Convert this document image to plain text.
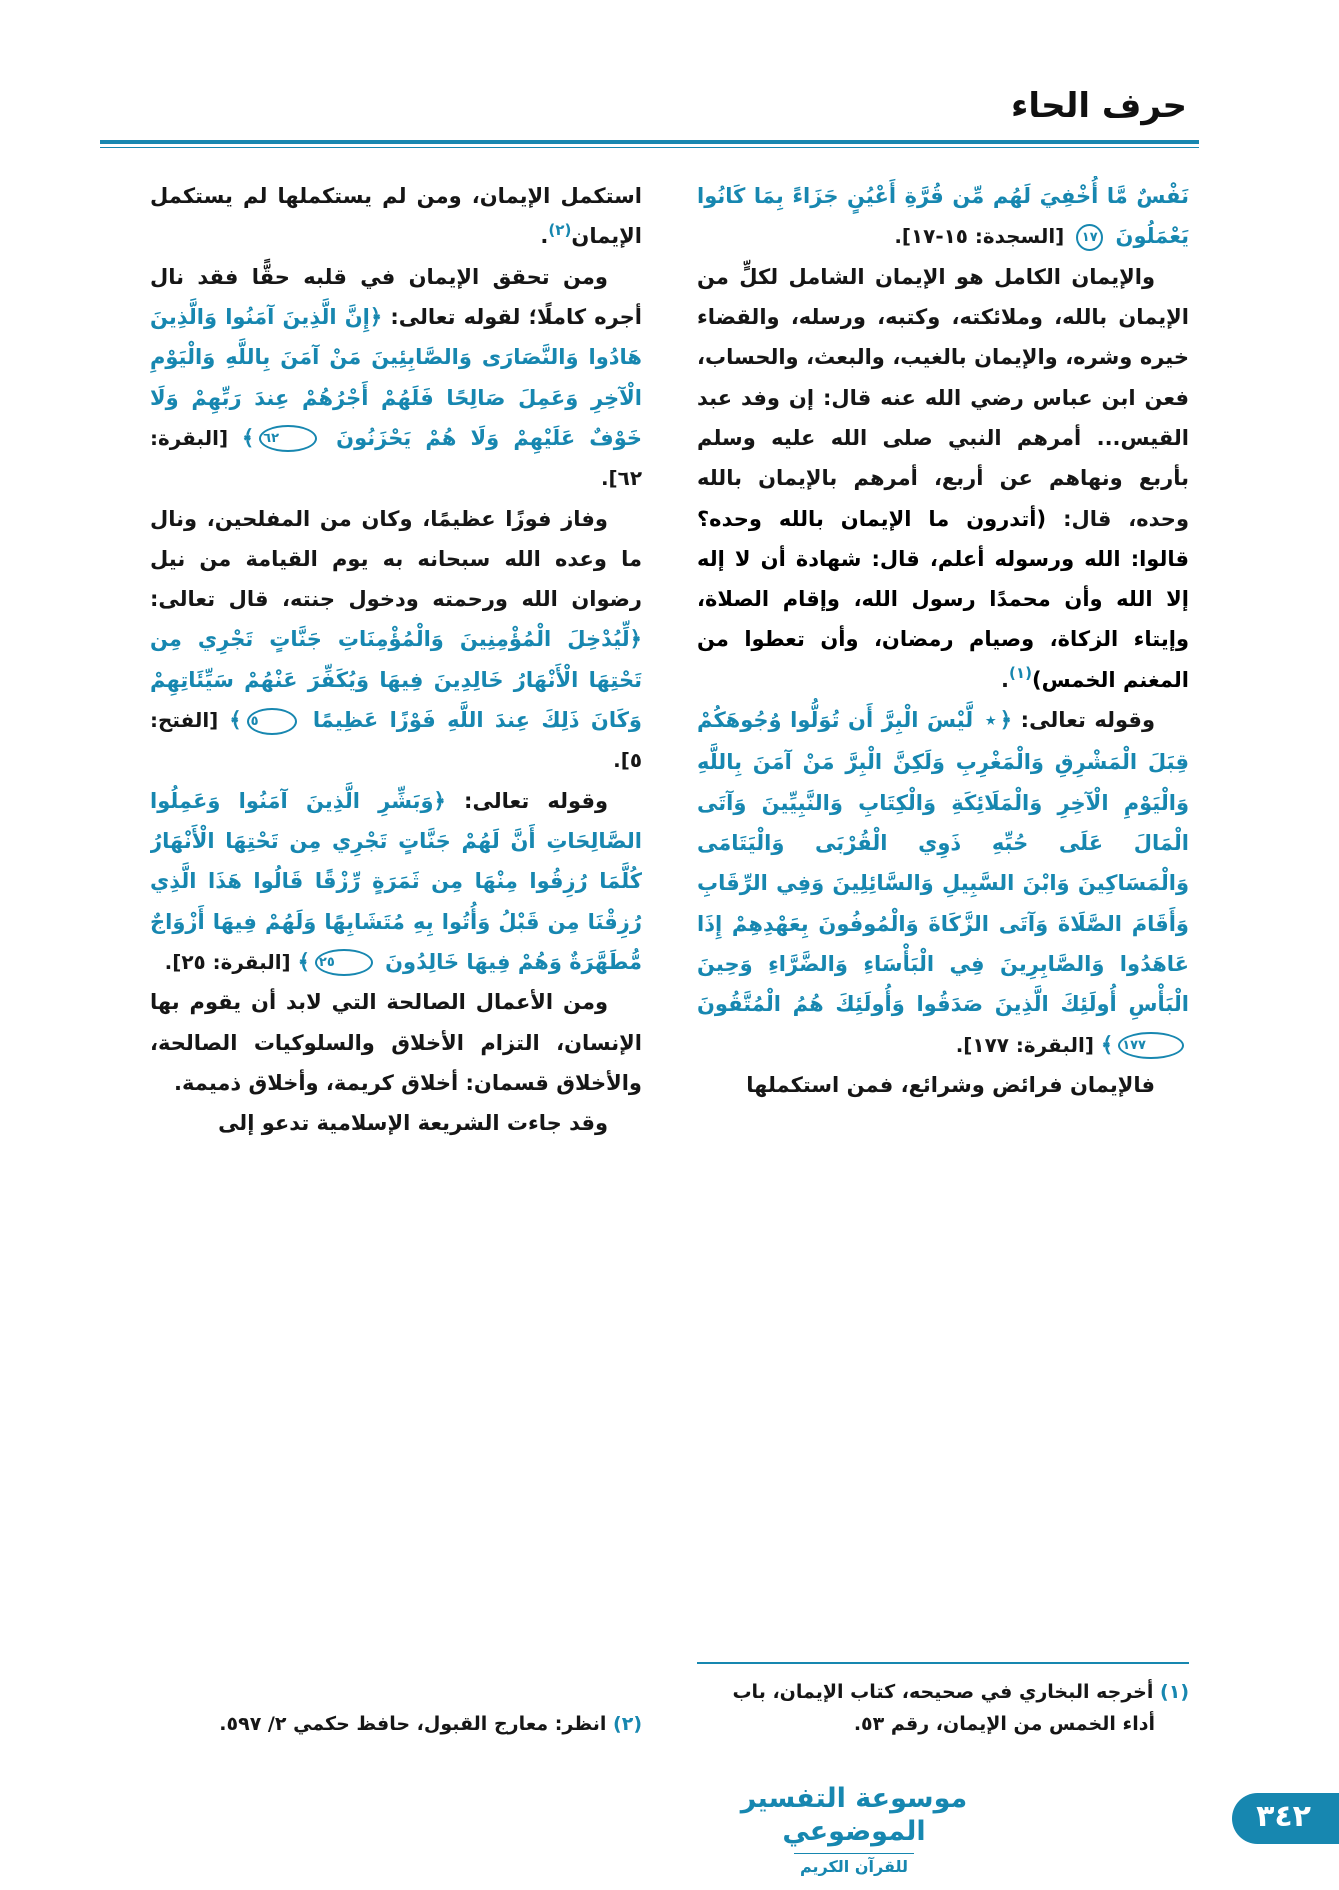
حرف الحاء

نَفْسٌ مَّا أُخْفِيَ لَهُم مِّن قُرَّةِ أَعْيُنٍ جَزَاءً بِمَا كَانُوا يَعْمَلُونَ ١٧ [السجدة: ١٥-١٧].

والإيمان الكامل هو الإيمان الشامل لكلٍّ من الإيمان بالله، وملائكته، وكتبه، ورسله، والقضاء خيره وشره، والإيمان بالغيب، والبعث، والحساب، فعن ابن عباس رضي الله عنه قال: إن وفد عبد القيس... أمرهم النبي صلى الله عليه وسلم بأربع ونهاهم عن أربع، أمرهم بالإيمان بالله وحده، قال: (أتدرون ما الإيمان بالله وحده؟ قالوا: الله ورسوله أعلم، قال: شهادة أن لا إله إلا الله وأن محمدًا رسول الله، وإقام الصلاة، وإيتاء الزكاة، وصيام رمضان، وأن تعطوا من المغنم الخمس)$^{(١)}$.

وقوله تعالى: ﴿٭ لَّيْسَ الْبِرَّ أَن تُوَلُّوا وُجُوهَكُمْ قِبَلَ الْمَشْرِقِ وَالْمَغْرِبِ وَلَكِنَّ الْبِرَّ مَنْ آمَنَ بِاللَّهِ وَالْيَوْمِ الْآخِرِ وَالْمَلَائِكَةِ وَالْكِتَابِ وَالنَّبِيِّينَ وَآتَى الْمَالَ عَلَى حُبِّهِ ذَوِي الْقُرْبَى وَالْيَتَامَى وَالْمَسَاكِينَ وَابْنَ السَّبِيلِ وَالسَّائِلِينَ وَفِي الرِّقَابِ وَأَقَامَ الصَّلَاةَ وَآتَى الزَّكَاةَ وَالْمُوفُونَ بِعَهْدِهِمْ إِذَا عَاهَدُوا وَالصَّابِرِينَ فِي الْبَأْسَاءِ وَالضَّرَّاءِ وَحِينَ الْبَأْسِ أُولَئِكَ الَّذِينَ صَدَقُوا وَأُولَئِكَ هُمُ الْمُتَّقُونَ ١٧٧﴾ [البقرة: ١٧٧].

فالإيمان فرائض وشرائع، فمن استكملها

(١) أخرجه البخاري في صحيحه، كتاب الإيمان، باب أداء الخمس من الإيمان، رقم ٥٣.

استكمل الإيمان، ومن لم يستكملها لم يستكمل الإيمان$^{(٢)}$.

ومن تحقق الإيمان في قلبه حقًّا فقد نال أجره كاملًا؛ لقوله تعالى: ﴿إِنَّ الَّذِينَ آمَنُوا وَالَّذِينَ هَادُوا وَالنَّصَارَى وَالصَّابِئِينَ مَنْ آمَنَ بِاللَّهِ وَالْيَوْمِ الْآخِرِ وَعَمِلَ صَالِحًا فَلَهُمْ أَجْرُهُمْ عِندَ رَبِّهِمْ وَلَا خَوْفٌ عَلَيْهِمْ وَلَا هُمْ يَحْزَنُونَ ٦٢﴾ [البقرة: ٦٢].

وفاز فوزًا عظيمًا، وكان من المفلحين، ونال ما وعده الله سبحانه به يوم القيامة من نيل رضوان الله ورحمته ودخول جنته، قال تعالى: ﴿لِّيُدْخِلَ الْمُؤْمِنِينَ وَالْمُؤْمِنَاتِ جَنَّاتٍ تَجْرِي مِن تَحْتِهَا الْأَنْهَارُ خَالِدِينَ فِيهَا وَيُكَفِّرَ عَنْهُمْ سَيِّئَاتِهِمْ وَكَانَ ذَلِكَ عِندَ اللَّهِ فَوْزًا عَظِيمًا ٥﴾ [الفتح: ٥].

وقوله تعالى: ﴿وَبَشِّرِ الَّذِينَ آمَنُوا وَعَمِلُوا الصَّالِحَاتِ أَنَّ لَهُمْ جَنَّاتٍ تَجْرِي مِن تَحْتِهَا الْأَنْهَارُ كُلَّمَا رُزِقُوا مِنْهَا مِن ثَمَرَةٍ رِّزْقًا قَالُوا هَذَا الَّذِي رُزِقْنَا مِن قَبْلُ وَأُتُوا بِهِ مُتَشَابِهًا وَلَهُمْ فِيهَا أَزْوَاجٌ مُّطَهَّرَةٌ وَهُمْ فِيهَا خَالِدُونَ ٢٥﴾ [البقرة: ٢٥].

ومن الأعمال الصالحة التي لابد أن يقوم بها الإنسان، التزام الأخلاق والسلوكيات الصالحة، والأخلاق قسمان: أخلاق كريمة، وأخلاق ذميمة.

وقد جاءت الشريعة الإسلامية تدعو إلى

(٢) انظر: معارج القبول، حافظ حكمي ٢/ ٥٩٧.

موسوعة التفسير الموضوعي
للقرآن الكريم
٣٤٢
